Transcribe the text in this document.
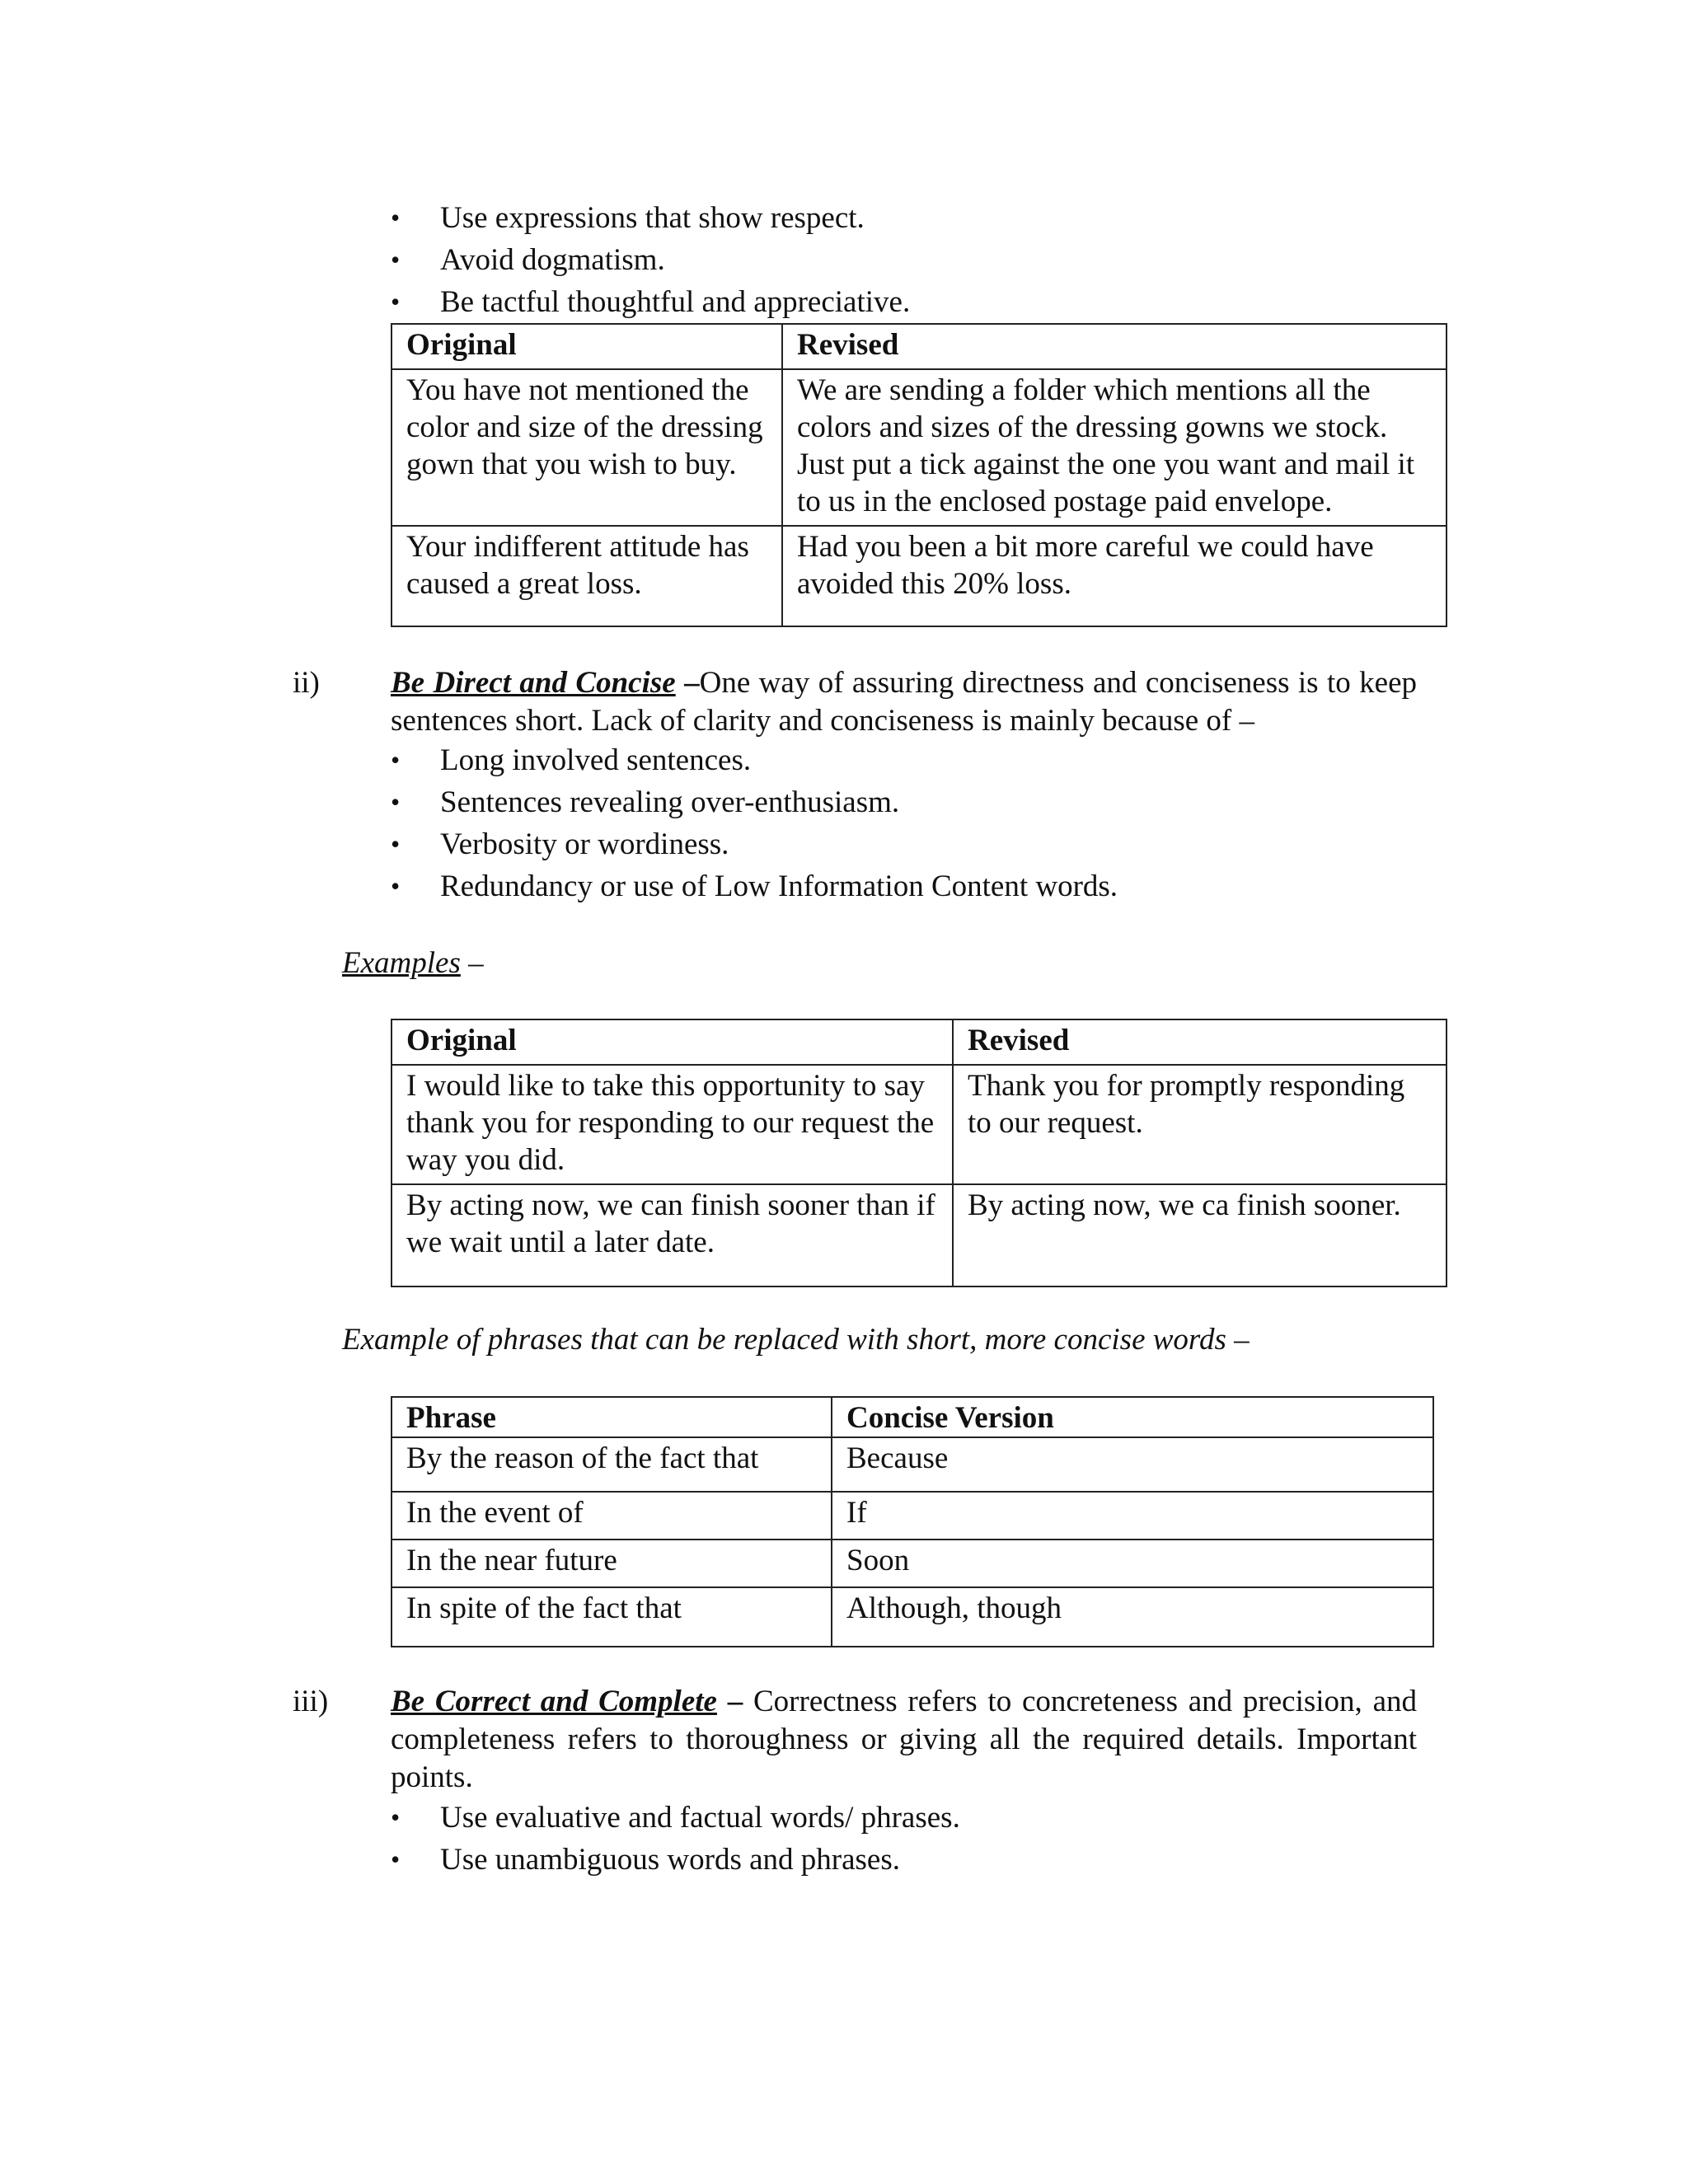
•	Use expressions that show respect.
•	Avoid dogmatism.
•	Be tactful thoughtful and appreciative.
Original	Revised
You have not mentioned the color and size of the dressing gown that you wish to buy.	We are sending a folder which mentions all the colors and sizes of the dressing gowns we stock. Just put a tick against the one you want and mail it to us in the enclosed postage paid envelope.
Your indifferent attitude has caused a great loss.	Had you been a bit more careful we could have avoided this 20% loss.
ii) Be Direct and Concise –One way of assuring directness and conciseness is to keep sentences short. Lack of clarity and conciseness is mainly because of –
•	Long involved sentences.
•	Sentences revealing over-enthusiasm.
•	Verbosity or wordiness.
•	Redundancy or use of Low Information Content words.
Examples –
Original	Revised
I would like to take this opportunity to say thank you for responding to our request the way you did.	Thank you for promptly responding to our request.
By acting now, we can finish sooner than if we wait until a later date.	By acting now, we ca finish sooner.
Example of phrases that can be replaced with short, more concise words –
Phrase	Concise Version
By the reason of the fact that	Because
In the event of	If
In the near future	Soon
In spite of the fact that	Although, though
iii) Be Correct and Complete – Correctness refers to concreteness and precision, and completeness refers to thoroughness or giving all the required details. Important points.
•	Use evaluative and factual words/ phrases.
•	Use unambiguous words and phrases.
